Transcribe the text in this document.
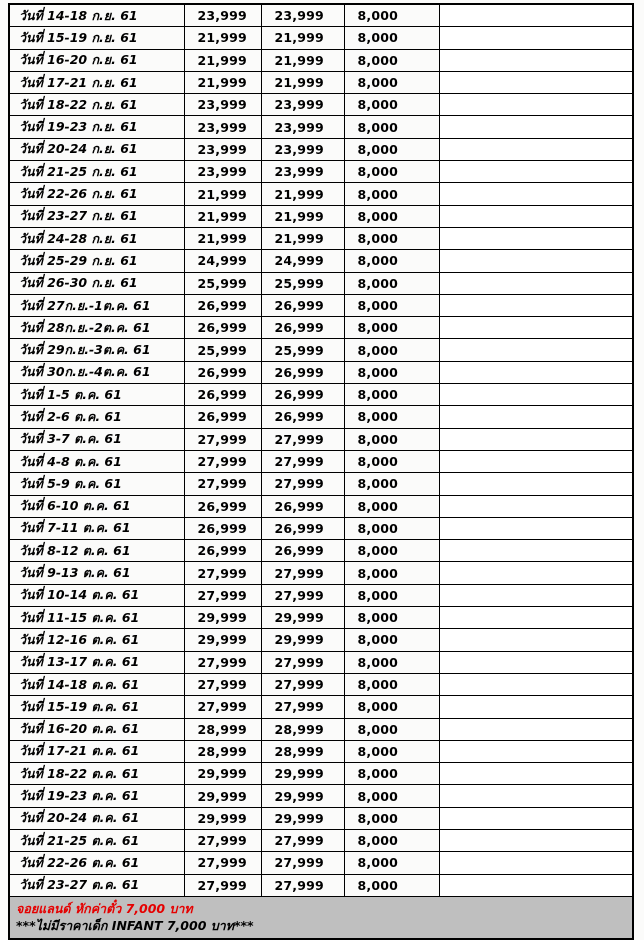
วันที่ 14-18 ก.ย. 61	23,999	23,999	8,000	
วันที่ 15-19 ก.ย. 61	21,999	21,999	8,000	
วันที่ 16-20 ก.ย. 61	21,999	21,999	8,000	
วันที่ 17-21 ก.ย. 61	21,999	21,999	8,000	
วันที่ 18-22 ก.ย. 61	23,999	23,999	8,000	
วันที่ 19-23 ก.ย. 61	23,999	23,999	8,000	
วันที่ 20-24 ก.ย. 61	23,999	23,999	8,000	
วันที่ 21-25 ก.ย. 61	23,999	23,999	8,000	
วันที่ 22-26 ก.ย. 61	21,999	21,999	8,000	
วันที่ 23-27 ก.ย. 61	21,999	21,999	8,000	
วันที่ 24-28 ก.ย. 61	21,999	21,999	8,000	
วันที่ 25-29 ก.ย. 61	24,999	24,999	8,000	
วันที่ 26-30 ก.ย. 61	25,999	25,999	8,000	
วันที่ 27ก.ย.-1ต.ค. 61	26,999	26,999	8,000	
วันที่ 28ก.ย.-2ต.ค. 61	26,999	26,999	8,000	
วันที่ 29ก.ย.-3ต.ค. 61	25,999	25,999	8,000	
วันที่ 30ก.ย.-4ต.ค. 61	26,999	26,999	8,000	
วันที่ 1-5 ต.ค. 61	26,999	26,999	8,000	
วันที่ 2-6 ต.ค. 61	26,999	26,999	8,000	
วันที่ 3-7 ต.ค. 61	27,999	27,999	8,000	
วันที่ 4-8 ต.ค. 61	27,999	27,999	8,000	
วันที่ 5-9 ต.ค. 61	27,999	27,999	8,000	
วันที่ 6-10 ต.ค. 61	26,999	26,999	8,000	
วันที่ 7-11 ต.ค. 61	26,999	26,999	8,000	
วันที่ 8-12 ต.ค. 61	26,999	26,999	8,000	
วันที่ 9-13 ต.ค. 61	27,999	27,999	8,000	
วันที่ 10-14 ต.ค. 61	27,999	27,999	8,000	
วันที่ 11-15 ต.ค. 61	29,999	29,999	8,000	
วันที่ 12-16 ต.ค. 61	29,999	29,999	8,000	
วันที่ 13-17 ต.ค. 61	27,999	27,999	8,000	
วันที่ 14-18 ต.ค. 61	27,999	27,999	8,000	
วันที่ 15-19 ต.ค. 61	27,999	27,999	8,000	
วันที่ 16-20 ต.ค. 61	28,999	28,999	8,000	
วันที่ 17-21 ต.ค. 61	28,999	28,999	8,000	
วันที่ 18-22 ต.ค. 61	29,999	29,999	8,000	
วันที่ 19-23 ต.ค. 61	29,999	29,999	8,000	
วันที่ 20-24 ต.ค. 61	29,999	29,999	8,000	
วันที่ 21-25 ต.ค. 61	27,999	27,999	8,000	
วันที่ 22-26 ต.ค. 61	27,999	27,999	8,000	
วันที่ 23-27 ต.ค. 61	27,999	27,999	8,000	

จอยแลนด์ หักค่าตั๋ว 7,000 บาท
***ไม่มีราคาเด็ก INFANT 7,000 บาท***				
